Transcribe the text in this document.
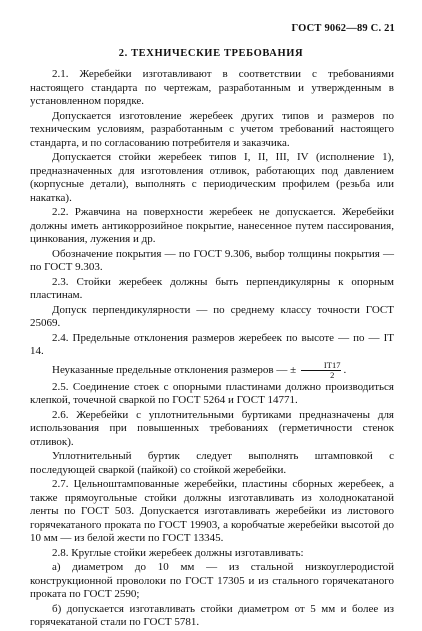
ГОСТ 9062—89 С. 21
2. ТЕХНИЧЕСКИЕ ТРЕБОВАНИЯ

2.1. Жеребейки изготавливают в соответствии с требованиями настоящего стандарта по чертежам, разработанным и утвержденным в установленном порядке.

Допускается изготовление жеребеек других типов и размеров по техническим условиям, разработанным с учетом требований настоящего стандарта, и по согласованию потребителя и заказчика.

Допускается стойки жеребеек типов I, II, III, IV (исполнение 1), предназначенных для изготовления отливок, работающих под давлением (корпусные детали), выполнять с периодическим профилем (резьба или накатка).

2.2. Ржавчина на поверхности жеребеек не допускается. Жеребейки должны иметь антикоррозийное покрытие, нанесенное путем пассирования, цинкования, лужения и др.

Обозначение покрытия — по ГОСТ 9.306, выбор толщины покрытия — по ГОСТ 9.303.

2.3. Стойки жеребеек должны быть перпендикулярны к опорным пластинам.

Допуск перпендикулярности — по среднему классу точности ГОСТ 25069.

2.4. Предельные отклонения размеров жеребеек по высоте — по — IT 14.

Неуказанные предельные отклонения размеров — ± $\frac{IT17}{2}$ .

2.5. Соединение стоек с опорными пластинами должно производиться клепкой, точечной сваркой по ГОСТ 5264 и ГОСТ 14771.

2.6. Жеребейки с уплотнительными буртиками предназначены для использования при повышенных требованиях (герметичности стенок отливок).

Уплотнительный буртик следует выполнять штамповкой с последующей сваркой (пайкой) со стойкой жеребейки.

2.7. Цельноштампованные жеребейки, пластины сборных жеребеек, а также прямоугольные стойки должны изготавливать из холоднокатаной ленты по ГОСТ 503. Допускается изготавливать жеребейки из листового горячекатаного проката по ГОСТ 19903, а коробчатые жеребейки высотой до 10 мм — из белой жести по ГОСТ 13345.

2.8. Круглые стойки жеребеек должны изготавливать:

а) диаметром до 10 мм — из стальной низкоуглеродистой конструкционной проволоки по ГОСТ 17305 и из стального горячекатаного проката по ГОСТ 2590;

б) допускается изготавливать стойки диаметром от 5 мм и более из горячекатаной стали по ГОСТ 5781.
